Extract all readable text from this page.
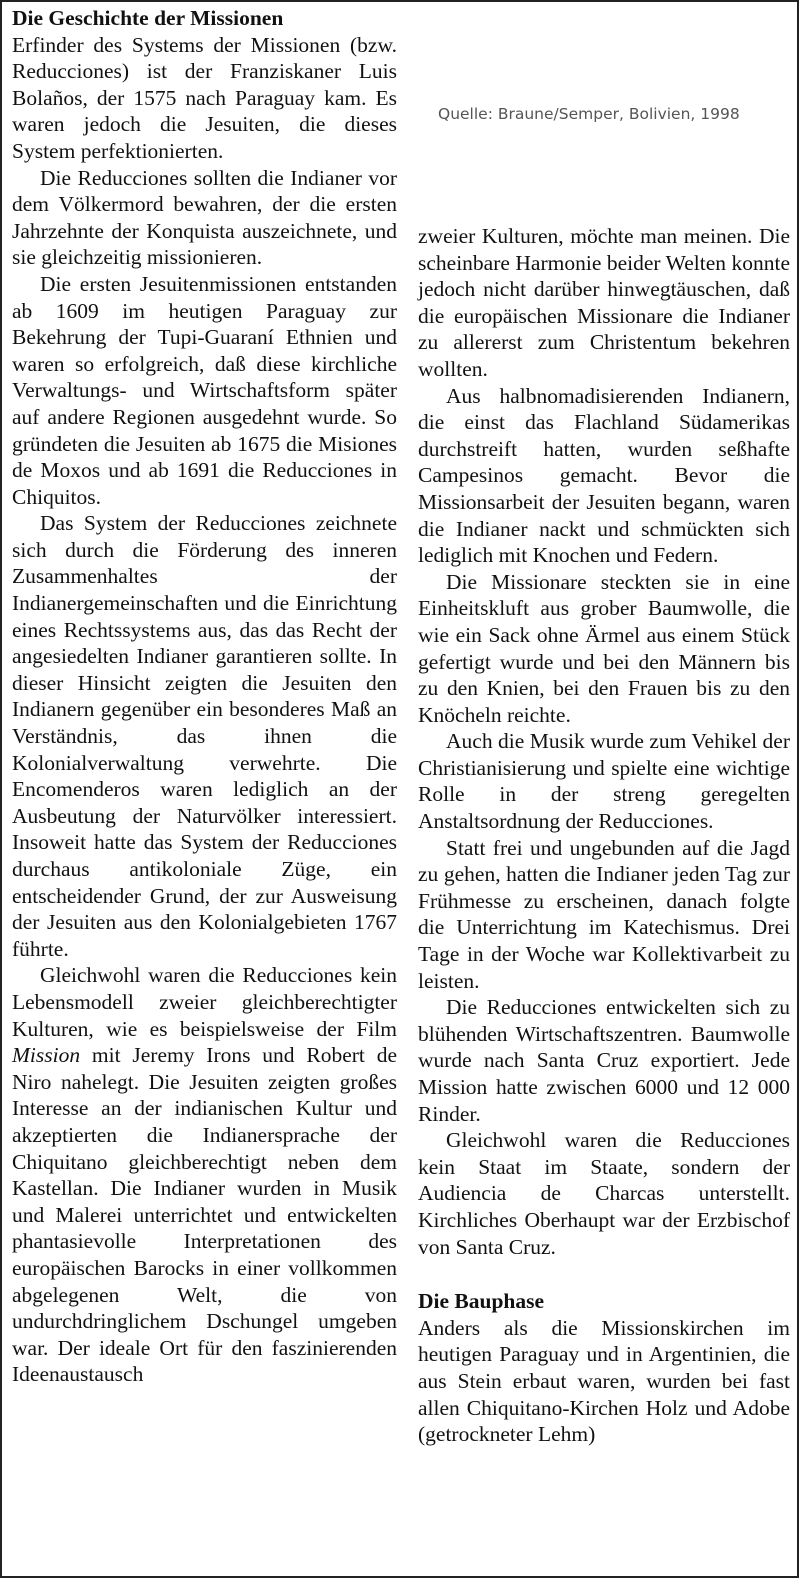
Quelle: Braune/Semper, Bolivien, 1998
Die Geschichte der Missionen

Erfinder des Systems der Missionen (bzw. Reducciones) ist der Franziskaner Luis Bolaños, der 1575 nach Paraguay kam. Es waren jedoch die Jesuiten, die dieses System perfektionierten.

Die Reducciones sollten die Indianer vor dem Völkermord bewahren, der die ersten Jahrzehnte der Konquista auszeichnete, und sie gleichzeitig missionieren.

Die ersten Jesuitenmissionen entstanden ab 1609 im heutigen Paraguay zur Bekehrung der Tupi-Guaraní Ethnien und waren so erfolgreich, daß diese kirchliche Verwaltungs- und Wirtschaftsform später auf andere Regionen ausgedehnt wurde. So gründeten die Jesuiten ab 1675 die Misiones de Moxos und ab 1691 die Reducciones in Chiquitos.

Das System der Reducciones zeichnete sich durch die Förderung des inneren Zusammenhaltes der Indianergemeinschaften und die Einrichtung eines Rechtssystems aus, das das Recht der angesiedelten Indianer garantieren sollte. In dieser Hinsicht zeigten die Jesuiten den Indianern gegenüber ein besonderes Maß an Verständnis, das ihnen die Kolonialverwaltung verwehrte. Die Encomenderos waren lediglich an der Ausbeutung der Naturvölker interessiert. Insoweit hatte das System der Reducciones durchaus antikoloniale Züge, ein entscheidender Grund, der zur Ausweisung der Jesuiten aus den Kolonialgebieten 1767 führte.

Gleichwohl waren die Reducciones kein Lebensmodell zweier gleichberechtigter Kulturen, wie es beispielsweise der Film Mission mit Jeremy Irons und Robert de Niro nahelegt. Die Jesuiten zeigten großes Interesse an der indianischen Kultur und akzeptierten die Indianersprache der Chiquitano gleichberechtigt neben dem Kastellan. Die Indianer wurden in Musik und Malerei unterrichtet und entwickelten phantasievolle Interpretationen des europäischen Barocks in einer vollkommen abgelegenen Welt, die von undurchdringlichem Dschungel umgeben war. Der ideale Ort für den faszinierenden Ideenaustausch

zweier Kulturen, möchte man meinen. Die scheinbare Harmonie beider Welten konnte jedoch nicht darüber hinwegtäuschen, daß die europäischen Missionare die Indianer zu allererst zum Christentum bekehren wollten.

Aus halbnomadisierenden Indianern, die einst das Flachland Südamerikas durchstreift hatten, wurden seßhafte Campesinos gemacht. Bevor die Missionsarbeit der Jesuiten begann, waren die Indianer nackt und schmückten sich lediglich mit Knochen und Federn.

Die Missionare steckten sie in eine Einheitskluft aus grober Baumwolle, die wie ein Sack ohne Ärmel aus einem Stück gefertigt wurde und bei den Männern bis zu den Knien, bei den Frauen bis zu den Knöcheln reichte.

Auch die Musik wurde zum Vehikel der Christianisierung und spielte eine wichtige Rolle in der streng geregelten Anstaltsordnung der Reducciones.

Statt frei und ungebunden auf die Jagd zu gehen, hatten die Indianer jeden Tag zur Frühmesse zu erscheinen, danach folgte die Unterrichtung im Katechismus. Drei Tage in der Woche war Kollektivarbeit zu leisten.

Die Reducciones entwickelten sich zu blühenden Wirtschaftszentren. Baumwolle wurde nach Santa Cruz exportiert. Jede Mission hatte zwischen 6000 und 12 000 Rinder.

Gleichwohl waren die Reducciones kein Staat im Staate, sondern der Audiencia de Charcas unterstellt. Kirchliches Oberhaupt war der Erzbischof von Santa Cruz.

Die Bauphase

Anders als die Missionskirchen im heutigen Paraguay und in Argentinien, die aus Stein erbaut waren, wurden bei fast allen Chiquitano-Kirchen Holz und Adobe (getrockneter Lehm)
